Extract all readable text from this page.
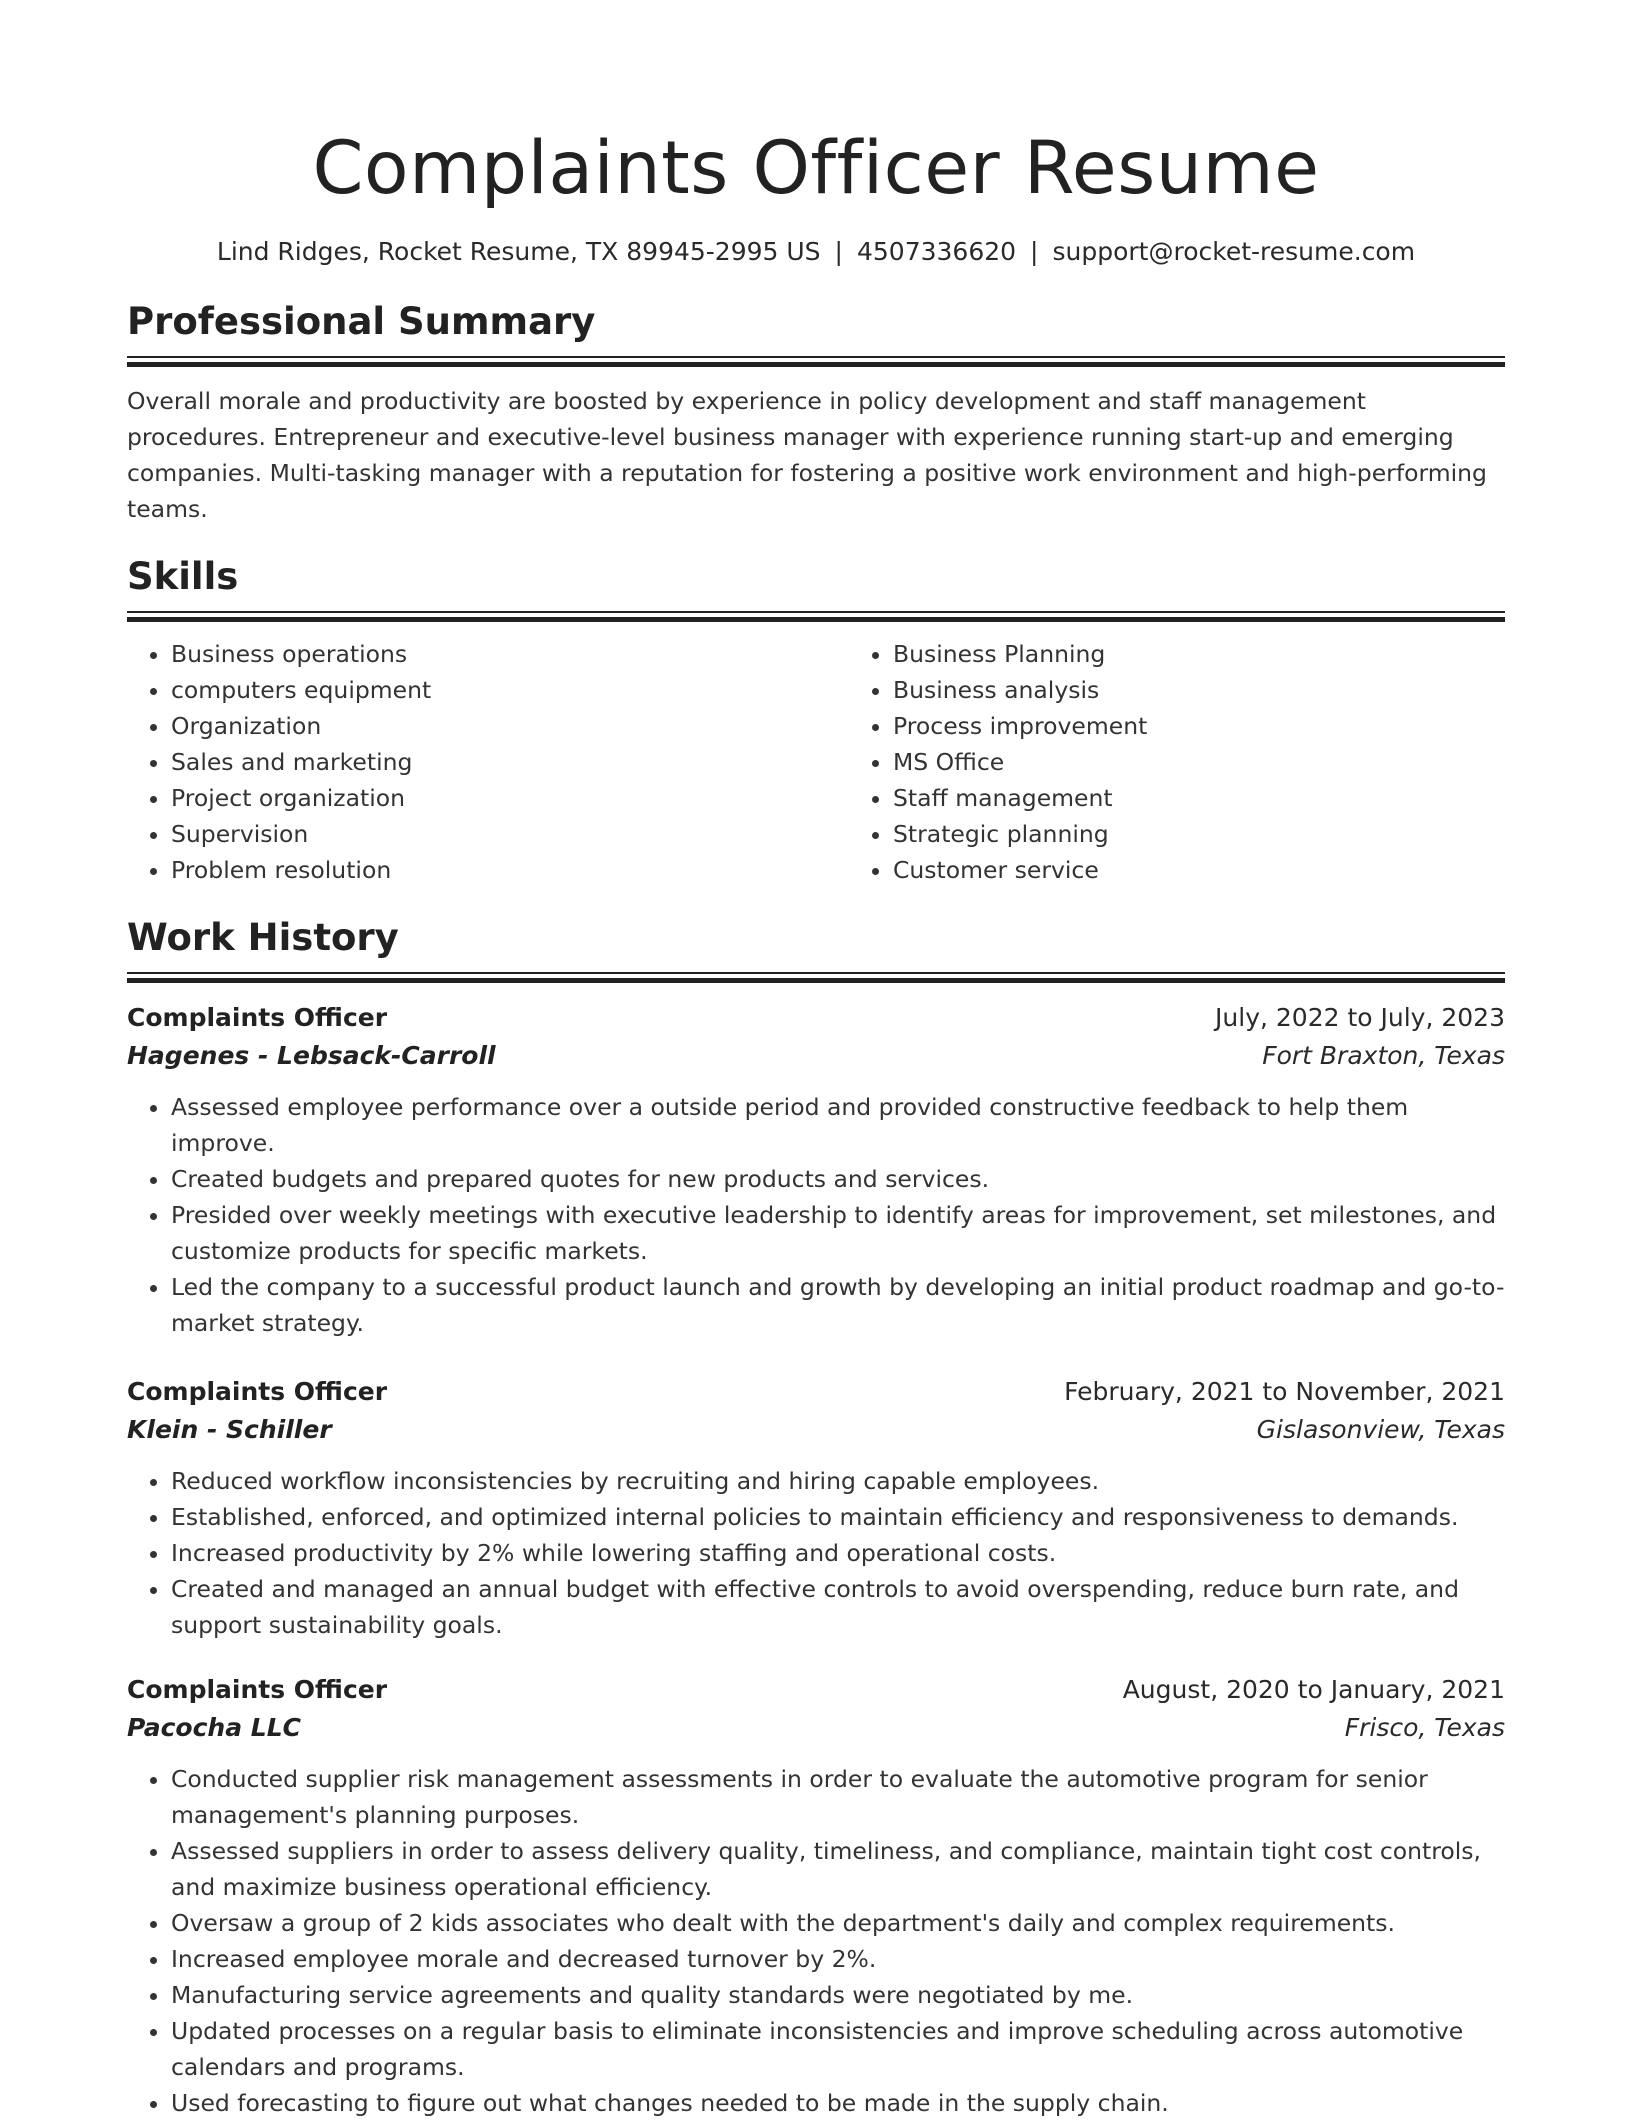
Complaints Officer Resume
Lind Ridges, Rocket Resume, TX 89945-2995 US | 4507336620 | support@rocket-resume.com
Professional Summary

Overall morale and productivity are boosted by experience in policy development and staff management procedures. Entrepreneur and executive-level business manager with experience running start-up and emerging companies. Multi-tasking manager with a reputation for fostering a positive work environment and high-performing teams.

Skills
• Business operations
• computers equipment
• Organization
• Sales and marketing
• Project organization
• Supervision
• Problem resolution
• Business Planning
• Business analysis
• Process improvement
• MS Office
• Staff management
• Strategic planning
• Customer service
Work History
Complaints Officer	July, 2022 to July, 2023
Hagenes - Lebsack-Carroll	Fort Braxton, Texas
• Assessed employee performance over a outside period and provided constructive feedback to help them improve.
• Created budgets and prepared quotes for new products and services.
• Presided over weekly meetings with executive leadership to identify areas for improvement, set milestones, and customize products for specific markets.
• Led the company to a successful product launch and growth by developing an initial product roadmap and go-to-market strategy.
Complaints Officer	February, 2021 to November, 2021
Klein - Schiller	Gislasonview, Texas
• Reduced workflow inconsistencies by recruiting and hiring capable employees.
• Established, enforced, and optimized internal policies to maintain efficiency and responsiveness to demands.
• Increased productivity by 2% while lowering staffing and operational costs.
• Created and managed an annual budget with effective controls to avoid overspending, reduce burn rate, and support sustainability goals.
Complaints Officer	August, 2020 to January, 2021
Pacocha LLC	Frisco, Texas
• Conducted supplier risk management assessments in order to evaluate the automotive program for senior management's planning purposes.
• Assessed suppliers in order to assess delivery quality, timeliness, and compliance, maintain tight cost controls, and maximize business operational efficiency.
• Oversaw a group of 2 kids associates who dealt with the department's daily and complex requirements.
• Increased employee morale and decreased turnover by 2%.
• Manufacturing service agreements and quality standards were negotiated by me.
• Updated processes on a regular basis to eliminate inconsistencies and improve scheduling across automotive calendars and programs.
• Used forecasting to figure out what changes needed to be made in the supply chain.
